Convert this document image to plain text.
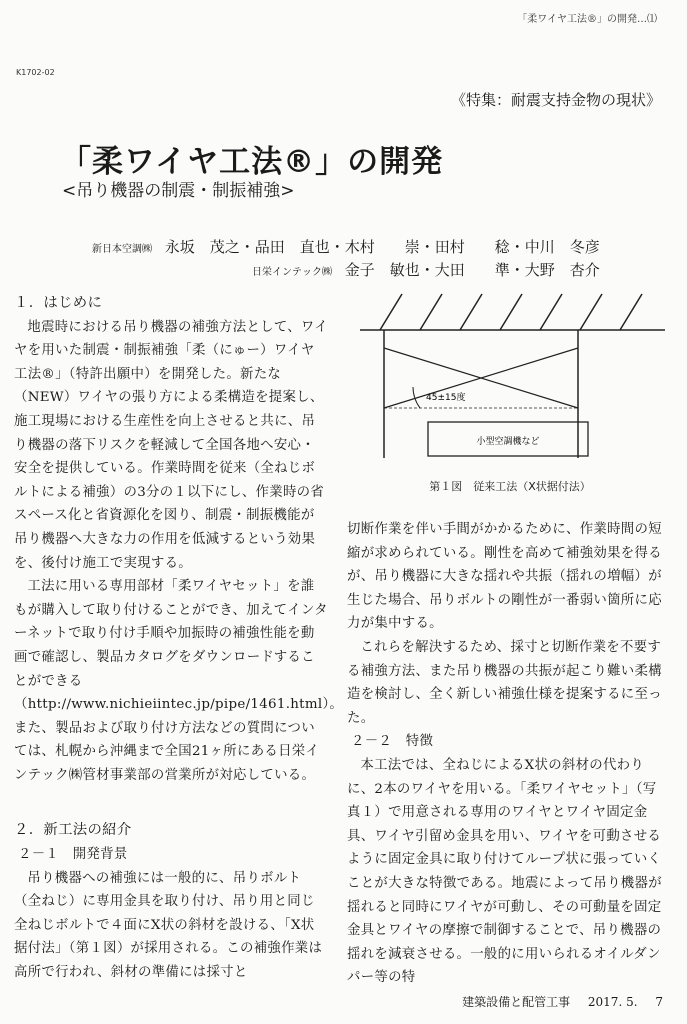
「柔ワイヤ工法®」の開発…⑴
K1702-02
《特集：耐震支持金物の現状》
「柔ワイヤ工法®」の開発
<吊り機器の制震・制振補強>
新日本空調㈱ 永坂　茂之・品田　直也・木村　　崇・田村　　稔・中川　冬彦
日栄インテック㈱ 金子　敏也・大田　　準・大野　杏介
１．はじめに

地震時における吊り機器の補強方法として、ワイヤを用いた制震・制振補強「柔（にゅー）ワイヤ工法®」（特許出願中）を開発した。新たな（NEW）ワイヤの張り方による柔構造を提案し、施工現場における生産性を向上させると共に、吊り機器の落下リスクを軽減して全国各地へ安心・安全を提供している。作業時間を従来（全ねじボルトによる補強）の3分の１以下にし、作業時の省スペース化と省資源化を図り、制震・制振機能が吊り機器へ大きな力の作用を低減するという効果を、後付け施工で実現する。

工法に用いる専用部材「柔ワイヤセット」を誰もが購入して取り付けることができ、加えてインターネットで取り付け手順や加振時の補強性能を動画で確認し、製品カタログをダウンロードすることができる（http://www.nichieiintec.jp/pipe/1461.html）。また、製品および取り付け方法などの質問については、札幌から沖縄まで全国21ヶ所にある日栄インテック㈱管材事業部の営業所が対応している。

２．新工法の紹介
２－１　開発背景

吊り機器への補強には一般的に、吊りボルト（全ねじ）に専用金具を取り付け、吊り用と同じ全ねじボルトで４面にX状の斜材を設ける、「X状据付法」（第１図）が採用される。この補強作業は高所で行われ、斜材の準備には採寸と

45±15度
小型空調機など
第１図　従来工法（X状据付法）

切断作業を伴い手間がかかるために、作業時間の短縮が求められている。剛性を高めて補強効果を得るが、吊り機器に大きな揺れや共振（揺れの増幅）が生じた場合、吊りボルトの剛性が一番弱い箇所に応力が集中する。

これらを解決するため、採寸と切断作業を不要する補強方法、また吊り機器の共振が起こり難い柔構造を検討し、全く新しい補強仕様を提案するに至った。

２－２　特徴

本工法では、全ねじによるX状の斜材の代わりに、2本のワイヤを用いる。「柔ワイヤセット」（写真１）で用意される専用のワイヤとワイヤ固定金具、ワイヤ引留め金具を用い、ワイヤを可動させるように固定金具に取り付けてループ状に張っていくことが大きな特徴である。地震によって吊り機器が揺れると同時にワイヤが可動し、その可動量を固定金具とワイヤの摩擦で制御することで、吊り機器の揺れを減衰させる。一般的に用いられるオイルダンパー等の特

建築設備と配管工事 2017. 5. 7
